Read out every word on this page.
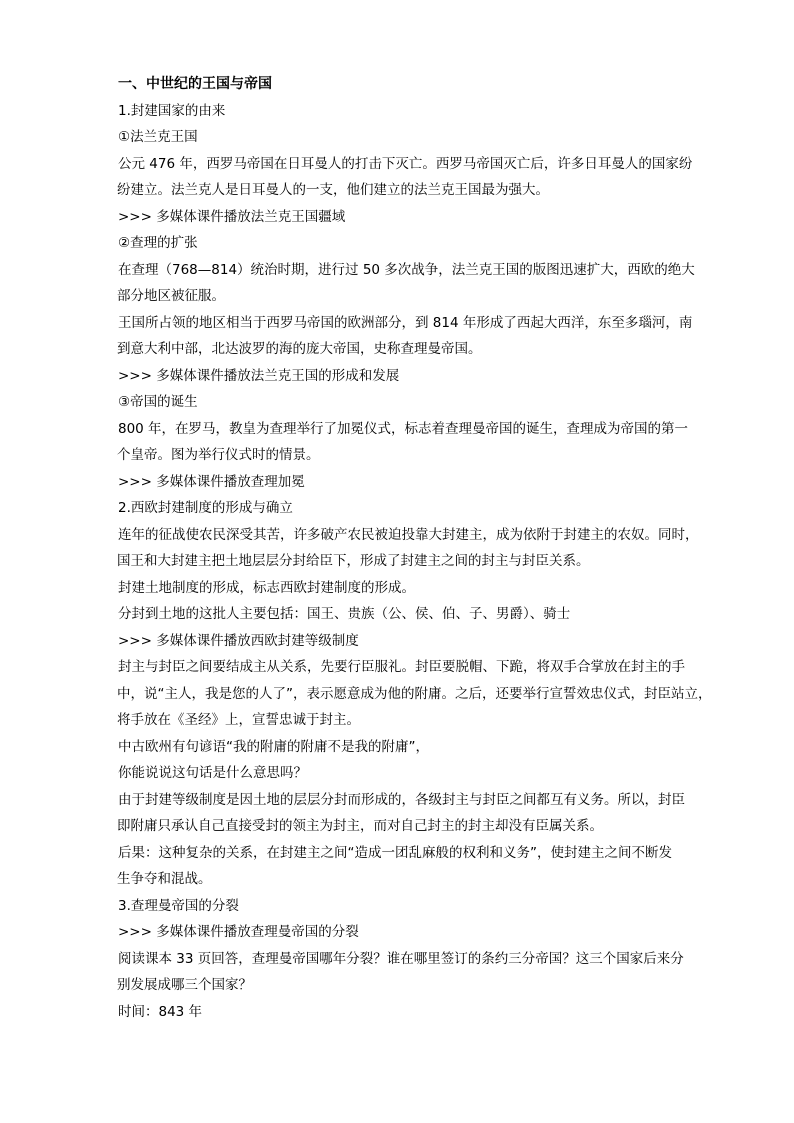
一、中世纪的王国与帝国
1.封建国家的由来
①法兰克王国
公元 476 年，西罗马帝国在日耳曼人的打击下灭亡。西罗马帝国灭亡后，许多日耳曼人的国家纷
纷建立。法兰克人是日耳曼人的一支，他们建立的法兰克王国最为强大。
>>> 多媒体课件播放法兰克王国疆域
②查理的扩张
在查理（768—814）统治时期，进行过 50 多次战争，法兰克王国的版图迅速扩大，西欧的绝大
部分地区被征服。
王国所占领的地区相当于西罗马帝国的欧洲部分，到 814 年形成了西起大西洋，东至多瑙河，南
到意大利中部，北达波罗的海的庞大帝国，史称查理曼帝国。
>>> 多媒体课件播放法兰克王国的形成和发展
③帝国的诞生
800 年，在罗马，教皇为查理举行了加冕仪式，标志着查理曼帝国的诞生，查理成为帝国的第一
个皇帝。图为举行仪式时的情景。
>>> 多媒体课件播放查理加冕
2.西欧封建制度的形成与确立
连年的征战使农民深受其苦，许多破产农民被迫投靠大封建主，成为依附于封建主的农奴。同时，
国王和大封建主把土地层层分封给臣下，形成了封建主之间的封主与封臣关系。
封建土地制度的形成，标志西欧封建制度的形成。
分封到土地的这批人主要包括：国王、贵族（公、侯、伯、子、男爵）、骑士
>>> 多媒体课件播放西欧封建等级制度
封主与封臣之间要结成主从关系，先要行臣服礼。封臣要脱帽、下跪，将双手合掌放在封主的手
中，说“主人，我是您的人了”，表示愿意成为他的附庸。之后，还要举行宣誓效忠仪式，封臣站立，
将手放在《圣经》上，宣誓忠诚于封主。
中古欧州有句谚语“我的附庸的附庸不是我的附庸”，
你能说说这句话是什么意思吗？
由于封建等级制度是因土地的层层分封而形成的，各级封主与封臣之间都互有义务。所以，封臣
即附庸只承认自己直接受封的领主为封主，而对自己封主的封主却没有臣属关系。
后果：这种复杂的关系，在封建主之间“造成一团乱麻般的权利和义务”，使封建主之间不断发
生争夺和混战。
3.查理曼帝国的分裂
>>> 多媒体课件播放查理曼帝国的分裂
阅读课本 33 页回答，查理曼帝国哪年分裂？谁在哪里签订的条约三分帝国？这三个国家后来分
别发展成哪三个国家？
时间：843 年
